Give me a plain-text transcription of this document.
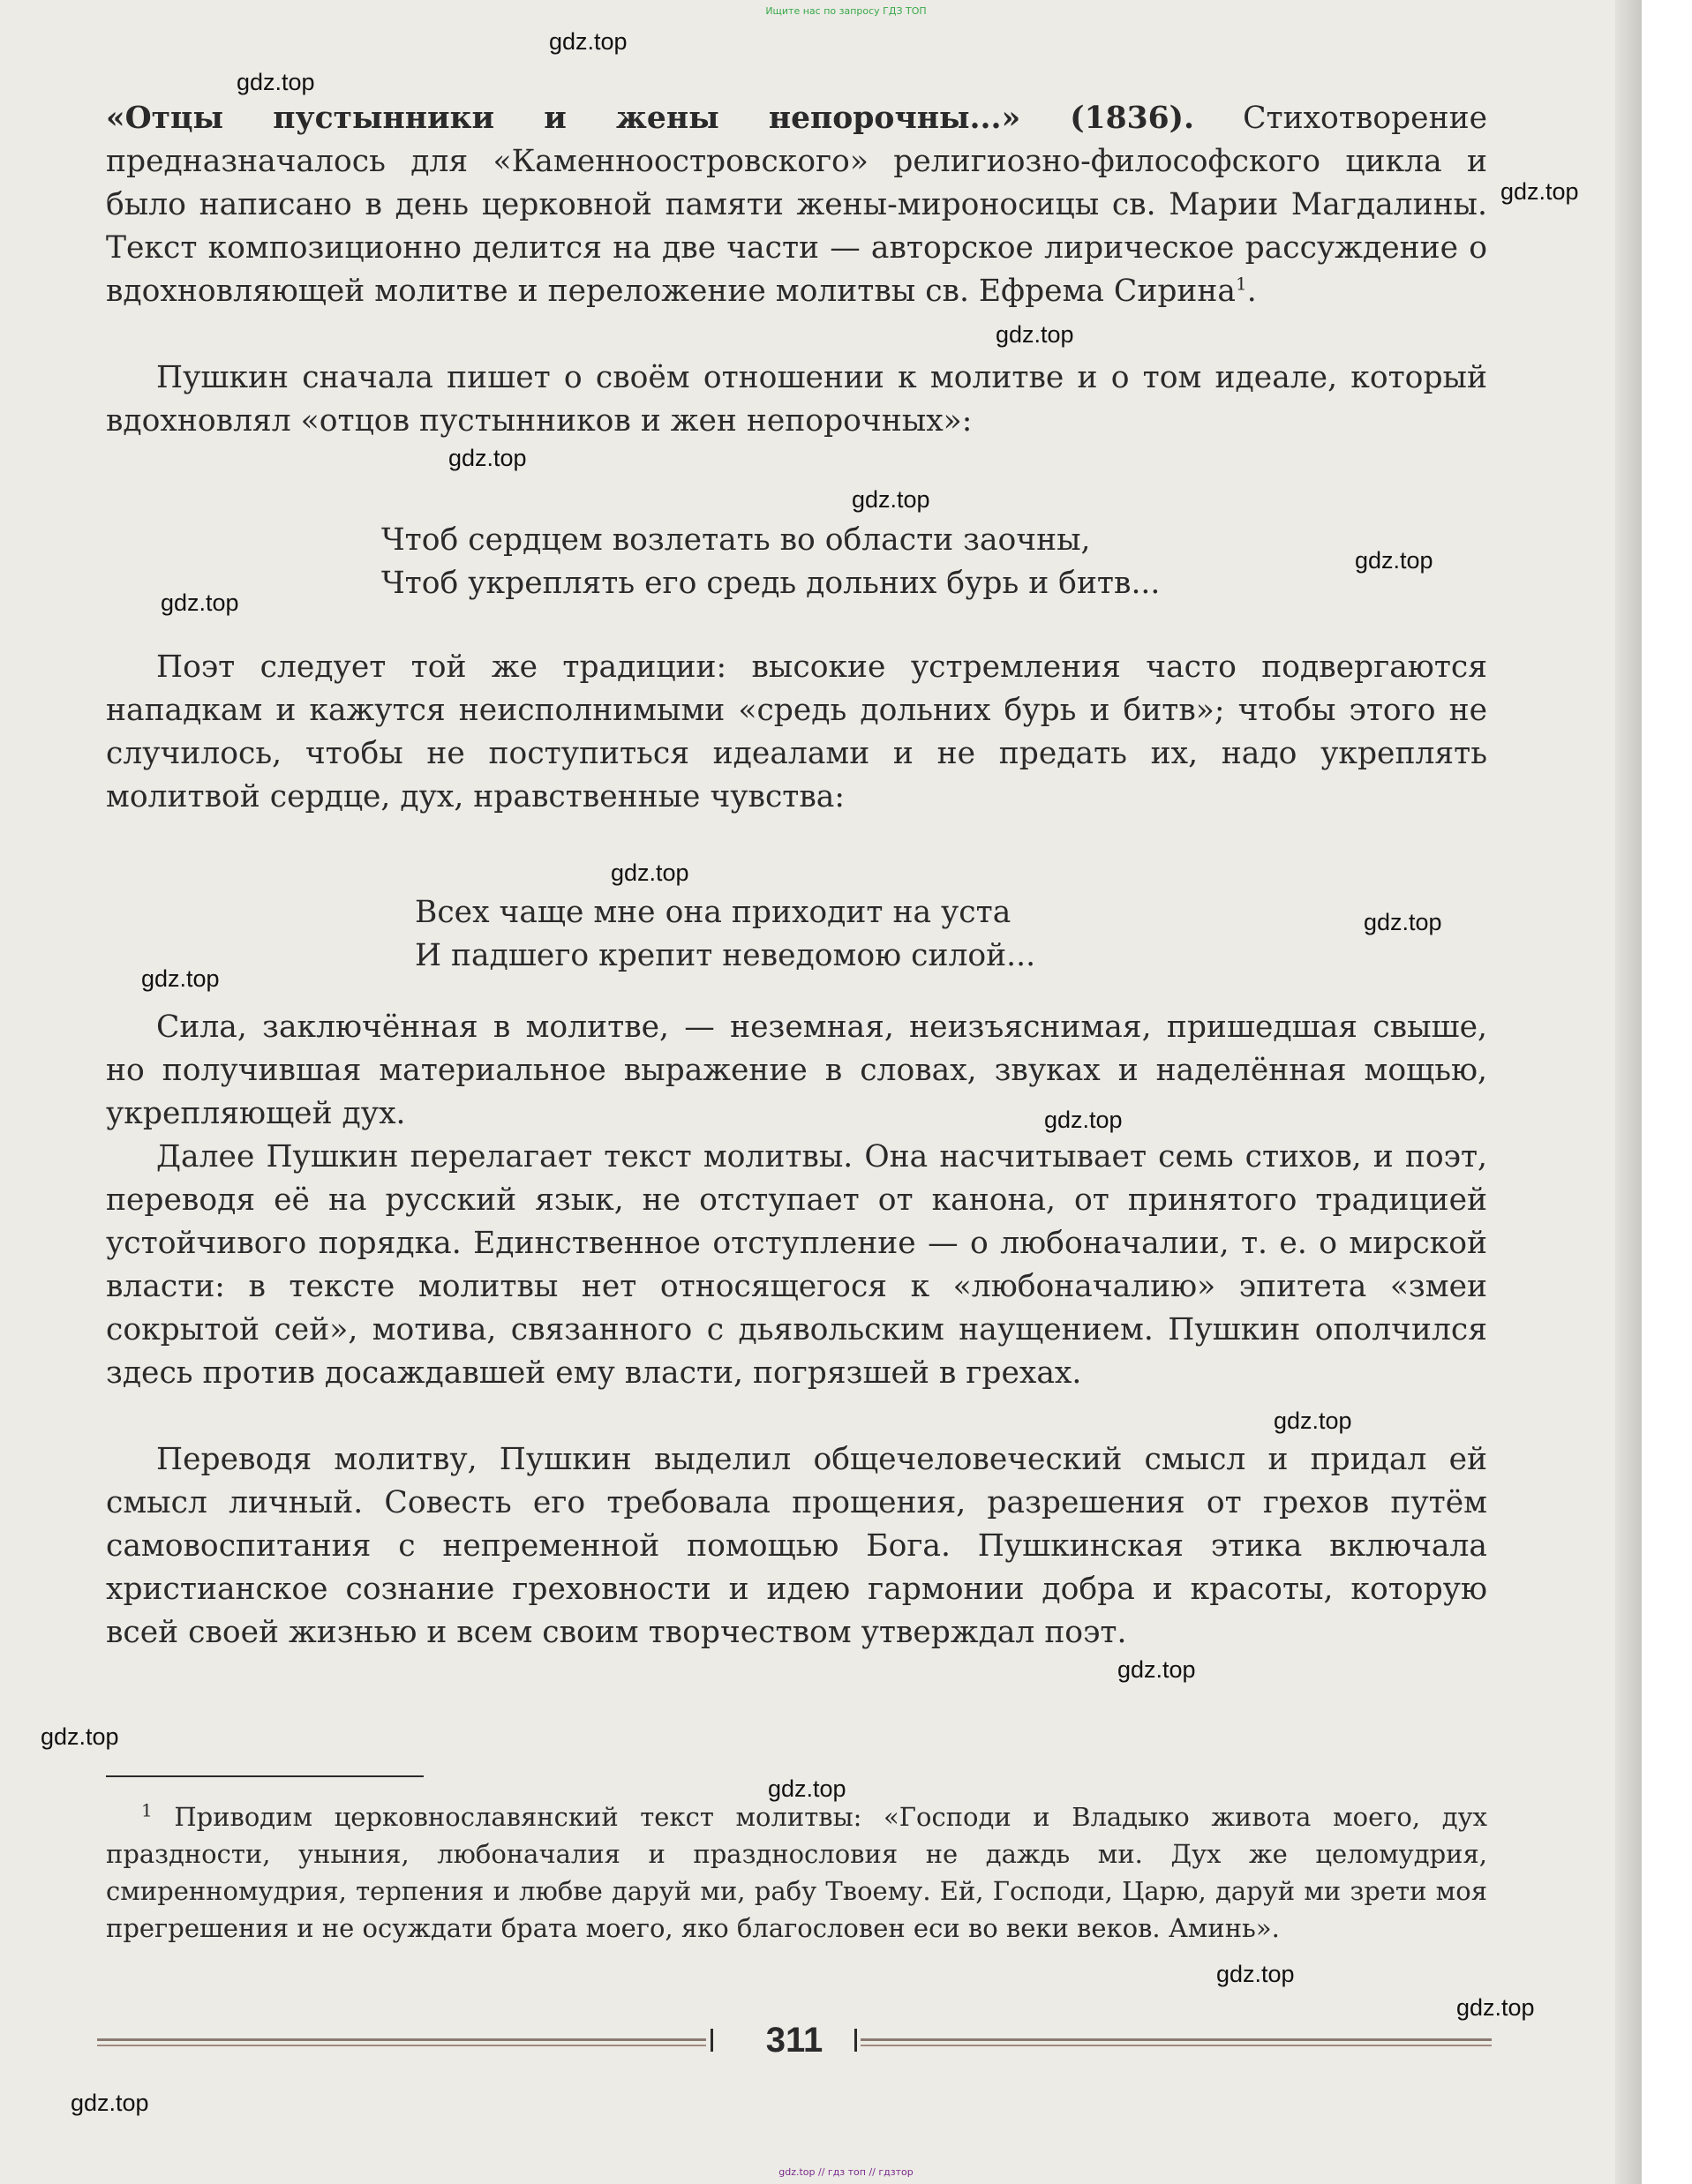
Ищите нас по запросу ГДЗ ТОП

«Отцы пустынники и жены непорочны...» (1836). Стихотворение предназначалось для «Каменноостровского» религиозно-философского цикла и было написано в день церковной памяти жены-мироносицы св. Марии Магдалины. Текст композиционно делится на две части — авторское лирическое рассуждение о вдохновляющей молитве и переложение молитвы св. Ефрема Сирина$^1$.

Пушкин сначала пишет о своём отношении к молитве и о том идеале, который вдохновлял «отцов пустынников и жен непорочных»:

Чтоб сердцем возлетать во области заочны,
Чтоб укреплять его средь дольних бурь и битв...

Поэт следует той же традиции: высокие устремления часто подвергаются нападкам и кажутся неисполнимыми «средь дольних бурь и битв»; чтобы этого не случилось, чтобы не поступиться идеалами и не предать их, надо укреплять молитвой сердце, дух, нравственные чувства:

Всех чаще мне она приходит на уста
И падшего крепит неведомою силой...

Сила, заключённая в молитве, — неземная, неизъяснимая, пришедшая свыше, но получившая материальное выражение в словах, звуках и наделённая мощью, укрепляющей дух.

Далее Пушкин перелагает текст молитвы. Она насчитывает семь стихов, и поэт, переводя её на русский язык, не отступает от канона, от принятого традицией устойчивого порядка. Единственное отступление — о любоначалии, т. е. о мирской власти: в тексте молитвы нет относящегося к «любоначалию» эпитета «змеи сокрытой сей», мотива, связанного с дьявольским наущением. Пушкин ополчился здесь против досаждавшей ему власти, погрязшей в грехах.

Переводя молитву, Пушкин выделил общечеловеческий смысл и придал ей смысл личный. Совесть его требовала прощения, разрешения от грехов путём самовоспитания с непременной помощью Бога. Пушкинская этика включала христианское сознание греховности и идею гармонии добра и красоты, которую всей своей жизнью и всем своим творчеством утверждал поэт.

$^1$ Приводим церковнославянский текст молитвы: «Господи и Владыко живота моего, дух праздности, уныния, любоначалия и празднословия не даждь ми. Дух же целомудрия, смиренномудрия, терпения и любве даруй ми, рабу Твоему. Ей, Господи, Царю, даруй ми зрети моя прегрешения и не осуждати брата моего, яко благословен еси во веки веков. Аминь».

311
gdz.top
gdz.top
gdz.top
gdz.top
gdz.top
gdz.top
gdz.top
gdz.top
gdz.top
gdz.top
gdz.top
gdz.top
gdz.top
gdz.top
gdz.top
gdz.top
gdz.top
gdz.top
gdz.top
gdz.top // гдз топ // гдзтор
